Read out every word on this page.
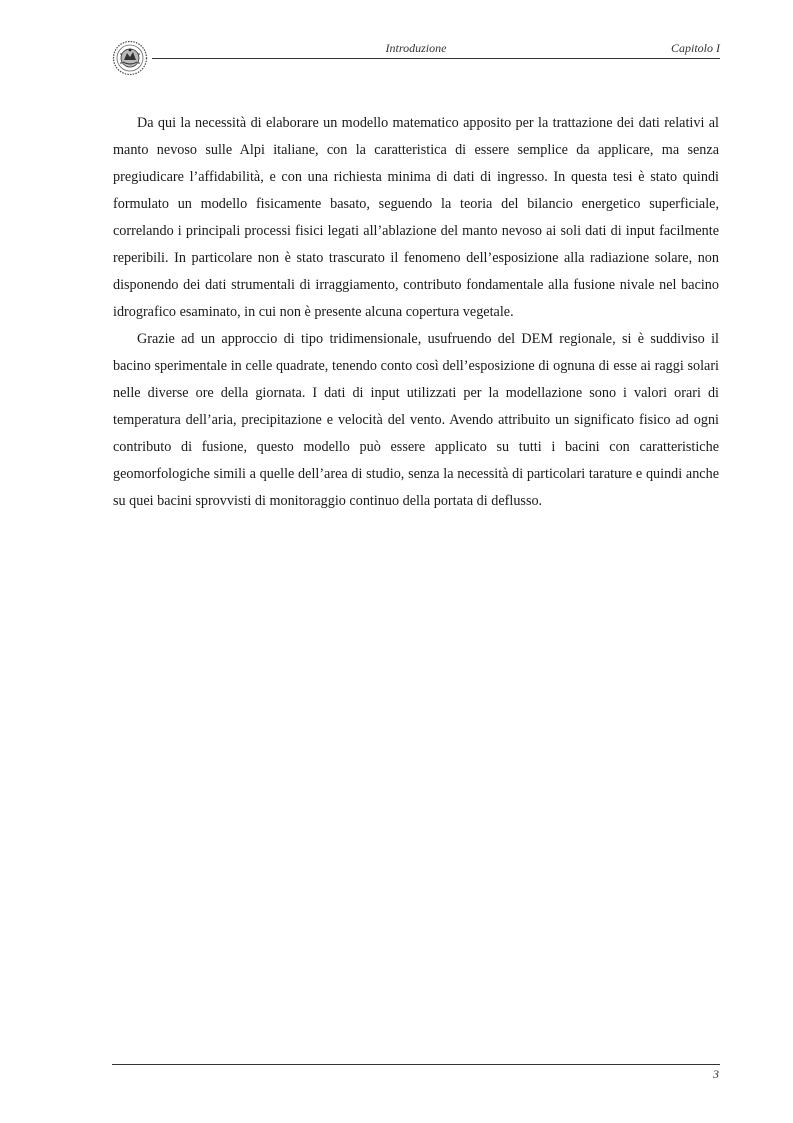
Introduzione	Capitolo I

Da qui la necessità di elaborare un modello matematico apposito per la trattazione dei dati relativi al manto nevoso sulle Alpi italiane, con la caratteristica di essere semplice da applicare, ma senza pregiudicare l’affidabilità, e con una richiesta minima di dati di ingresso. In questa tesi è stato quindi formulato un modello fisicamente basato, seguendo la teoria del bilancio energetico superficiale, correlando i principali processi fisici legati all’ablazione del manto nevoso ai soli dati di input facilmente reperibili. In particolare non è stato trascurato il fenomeno dell’esposizione alla radiazione solare, non disponendo dei dati strumentali di irraggiamento, contributo fondamentale alla fusione nivale nel bacino idrografico esaminato, in cui non è presente alcuna copertura vegetale.

Grazie ad un approccio di tipo tridimensionale, usufruendo del DEM regionale, si è suddiviso il bacino sperimentale in celle quadrate, tenendo conto così dell’esposizione di ognuna di esse ai raggi solari nelle diverse ore della giornata. I dati di input utilizzati per la modellazione sono i valori orari di temperatura dell’aria, precipitazione e velocità del vento. Avendo attribuito un significato fisico ad ogni contributo di fusione, questo modello può essere applicato su tutti i bacini con caratteristiche geomorfologiche simili a quelle dell’area di studio, senza la necessità di particolari tarature e quindi anche su quei bacini sprovvisti di monitoraggio continuo della portata di deflusso.

3
